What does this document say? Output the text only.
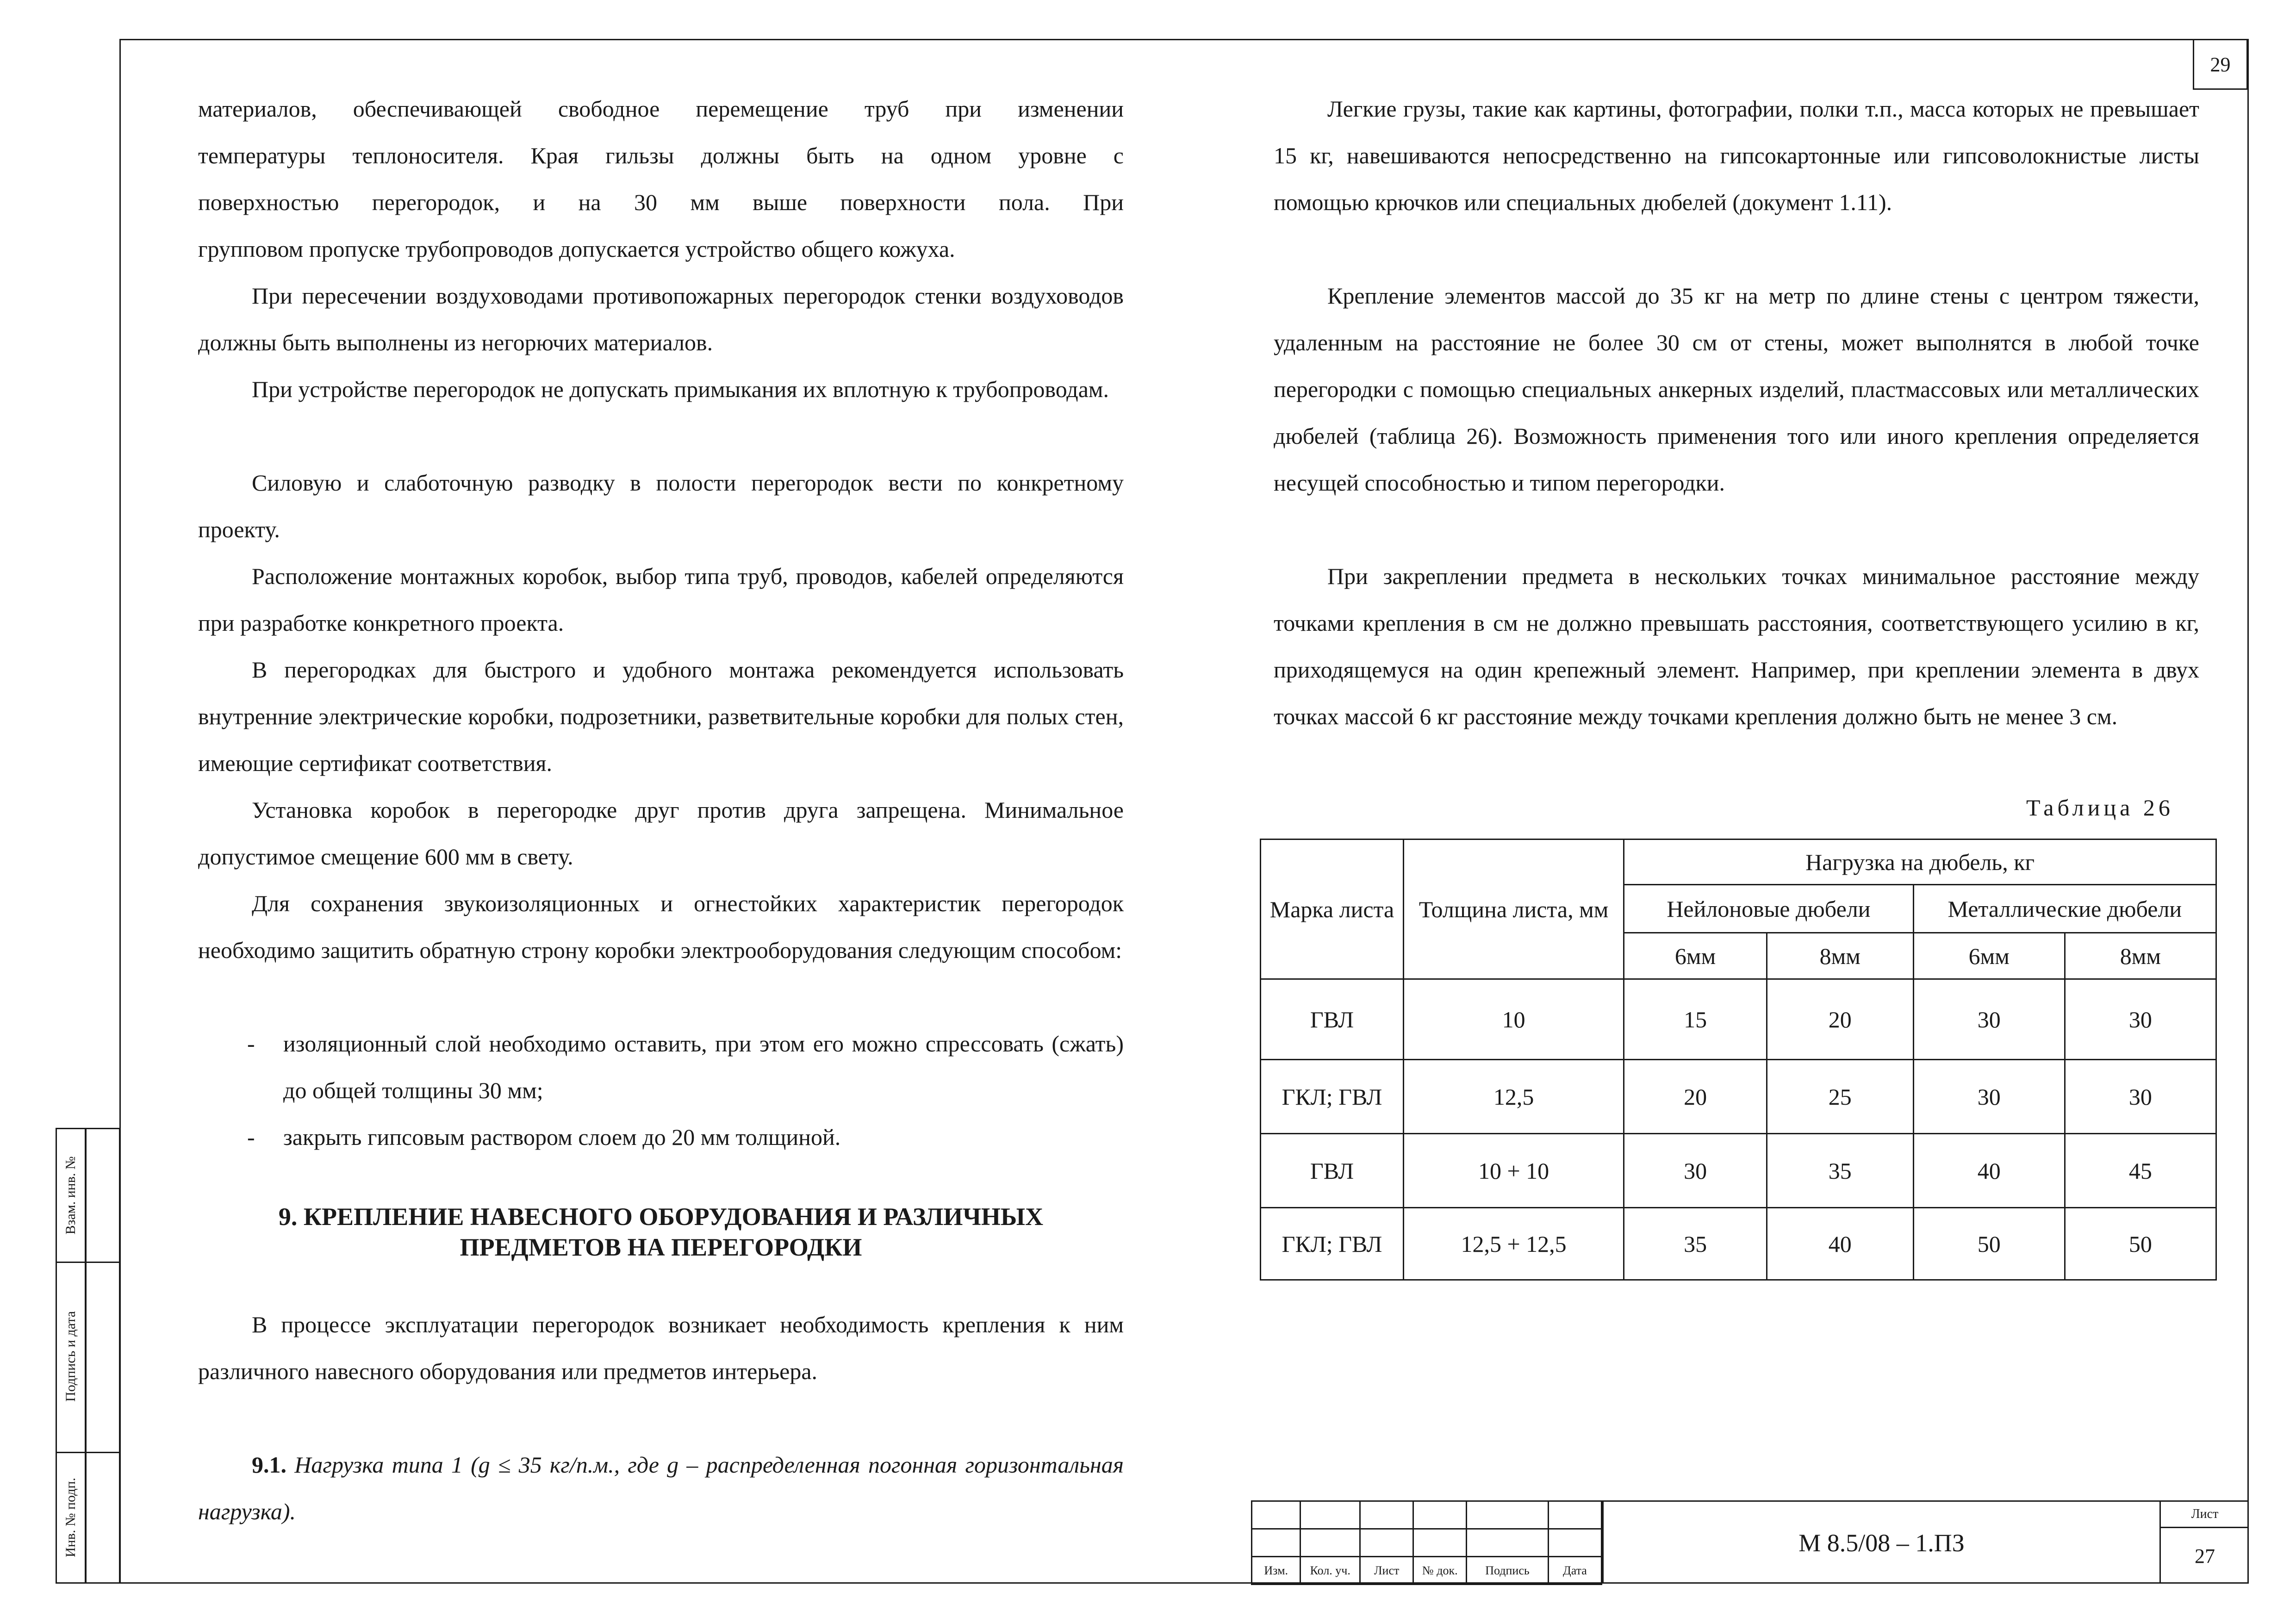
29
материалов, обеспечивающей свободное перемещение труб при изменении
температуры теплоносителя. Края гильзы должны быть на одном уровне с
поверхностью перегородок, и на 30 мм выше поверхности пола. При
групповом пропуске трубопроводов допускается устройство общего кожуха.
При пересечении воздуховодами противопожарных перегородок стенки воздуховодов должны быть выполнены из негорючих материалов.
При устройстве перегородок не допускать примыкания их вплотную к трубопроводам.
Силовую и слаботочную разводку в полости перегородок вести по конкретному проекту.
Расположение монтажных коробок, выбор типа труб, проводов, кабелей определяются при разработке конкретного проекта.
В перегородках для быстрого и удобного монтажа рекомендуется использовать внутренние электрические коробки, подрозетники, разветвительные коробки для полых стен, имеющие сертификат соответствия.
Установка коробок в перегородке друг против друга запрещена. Минимальное допустимое смещение 600 мм в свету.
Для сохранения звукоизоляционных и огнестойких характеристик перегородок необходимо защитить обратную строну коробки электрооборудования следующим способом:
- изоляционный слой необходимо оставить, при этом его можно спрессовать (сжать) до общей толщины 30 мм;
- закрыть гипсовым раствором слоем до 20 мм толщиной.
9. КРЕПЛЕНИЕ НАВЕСНОГО ОБОРУДОВАНИЯ И РАЗЛИЧНЫХ
ПРЕДМЕТОВ НА ПЕРЕГОРОДКИ
В процессе эксплуатации перегородок возникает необходимость крепления к ним различного навесного оборудования или предметов интерьера.
9.1. Нагрузка типа 1 (g ≤ 35 кг/п.м., где g – распределенная погонная горизонтальная нагрузка).
Легкие грузы, такие как картины, фотографии, полки т.п., масса которых не превышает 15 кг, навешиваются непосредственно на гипсокартонные или гипсоволокнистые листы помощью крючков или специальных дюбелей (документ 1.11).
Крепление элементов массой до 35 кг на метр по длине стены с центром тяжести, удаленным на расстояние не более 30 см от стены, может выполнятся в любой точке перегородки с помощью специальных анкерных изделий, пластмассовых или металлических дюбелей (таблица 26). Возможность применения того или иного крепления определяется несущей способностью и типом перегородки.
При закреплении предмета в нескольких точках минимальное расстояние между точками крепления в см не должно превышать расстояния, соответствующего усилию в кг, приходящемуся на один крепежный элемент. Например, при креплении элемента в двух точках массой 6 кг расстояние между точками крепления должно быть не менее 3 см.
Таблица 26
Марка листа	Толщина листа, мм	Нагрузка на дюбель, кг			
		Нейлоновые дюбели		Металлические дюбели	
		6мм	8мм	6мм	8мм
ГВЛ	10	15	20	30	30
ГКЛ; ГВЛ	12,5	20	25	30	30
ГВЛ	10 + 10	30	35	40	45
ГКЛ; ГВЛ	12,5 + 12,5	35	40	50	50

Изм.	Кол. уч.	Лист	№ док.	Подпись	Дата
М 8.5/08 – 1.ПЗ
Лист
27
Взам. инв. №
Подпись и дата
Инв. № подп.
